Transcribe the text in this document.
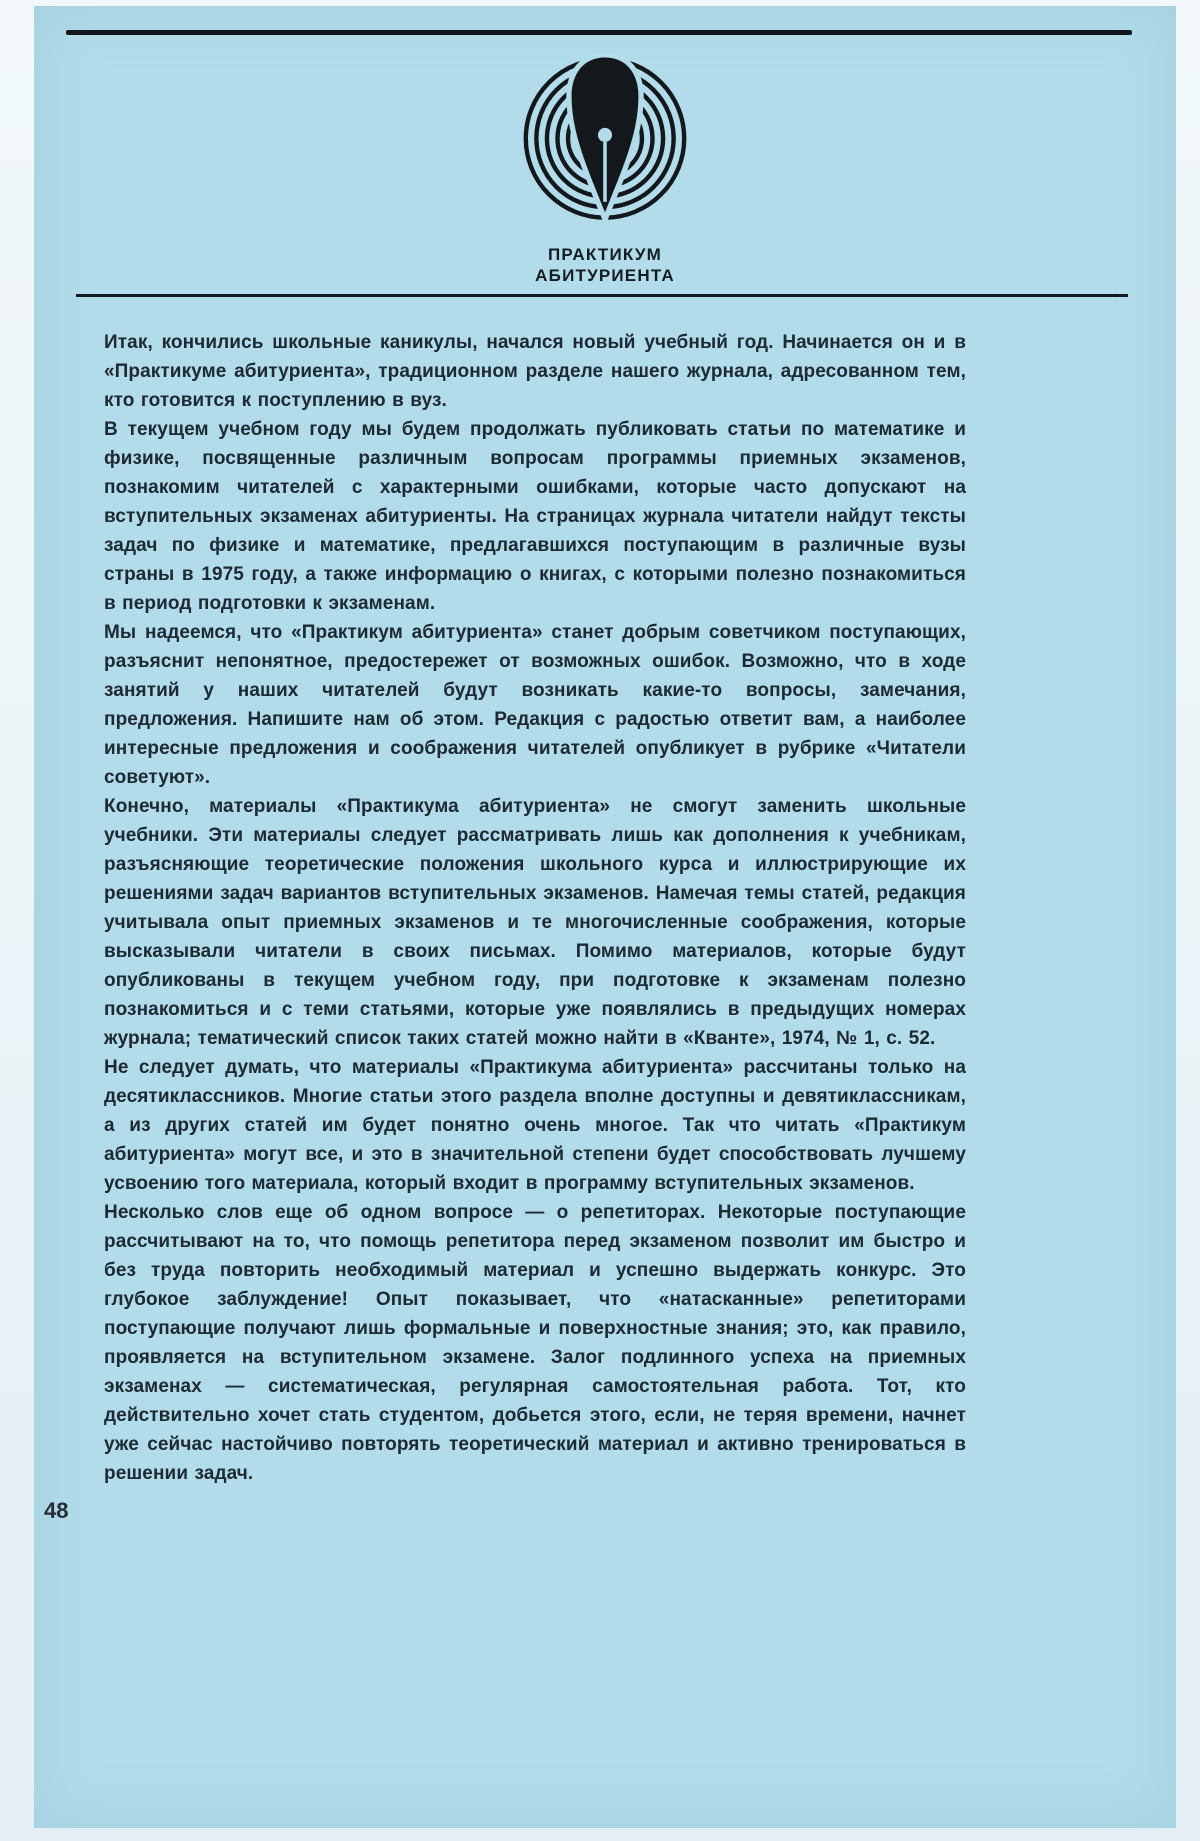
ПРАКТИКУМ
АБИТУРИЕНТА

Итак, кончились школьные каникулы, начался новый учебный год. Начинается он и в «Практикуме абитуриента», традиционном разделе нашего журнала, адресованном тем, кто готовится к поступлению в вуз.

В текущем учебном году мы будем продолжать публиковать статьи по математике и физике, посвященные различным вопросам программы приемных экзаменов, познакомим читателей с характерными ошибками, которые часто допускают на вступительных экзаменах абитуриенты. На страницах журнала читатели найдут тексты задач по физике и математике, предлагавшихся поступающим в различные вузы страны в 1975 году, а также информацию о книгах, с которыми полезно познакомиться в период подготовки к экзаменам.

Мы надеемся, что «Практикум абитуриента» станет добрым советчиком поступающих, разъяснит непонятное, предостережет от возможных ошибок. Возможно, что в ходе занятий у наших читателей будут возникать какие-то вопросы, замечания, предложения. Напишите нам об этом. Редакция с радостью ответит вам, а наиболее интересные предложения и соображения читателей опубликует в рубрике «Читатели советуют».

Конечно, материалы «Практикума абитуриента» не смогут заменить школьные учебники. Эти материалы следует рассматривать лишь как дополнения к учебникам, разъясняющие теоретические положения школьного курса и иллюстрирующие их решениями задач вариантов вступительных экзаменов. Намечая темы статей, редакция учитывала опыт приемных экзаменов и те многочисленные соображения, которые высказывали читатели в своих письмах. Помимо материалов, которые будут опубликованы в текущем учебном году, при подготовке к экзаменам полезно познакомиться и с теми статьями, которые уже появлялись в предыдущих номерах журнала; тематический список таких статей можно найти в «Кванте», 1974, № 1, с. 52.

Не следует думать, что материалы «Практикума абитуриента» рассчитаны только на десятиклассников. Многие статьи этого раздела вполне доступны и девятиклассникам, а из других статей им будет понятно очень многое. Так что читать «Практикум абитуриента» могут все, и это в значительной степени будет способствовать лучшему усвоению того материала, который входит в программу вступительных экзаменов.

Несколько слов еще об одном вопросе — о репетиторах. Некоторые поступающие рассчитывают на то, что помощь репетитора перед экзаменом позволит им быстро и без труда повторить необходимый материал и успешно выдержать конкурс. Это глубокое заблуждение! Опыт показывает, что «натасканные» репетиторами поступающие получают лишь формальные и поверхностные знания; это, как правило, проявляется на вступительном экзамене. Залог подлинного успеха на приемных экзаменах — систематическая, регулярная самостоятельная работа. Тот, кто действительно хочет стать студентом, добьется этого, если, не теряя времени, начнет уже сейчас настойчиво повторять теоретический материал и активно тренироваться в решении задач.

48
